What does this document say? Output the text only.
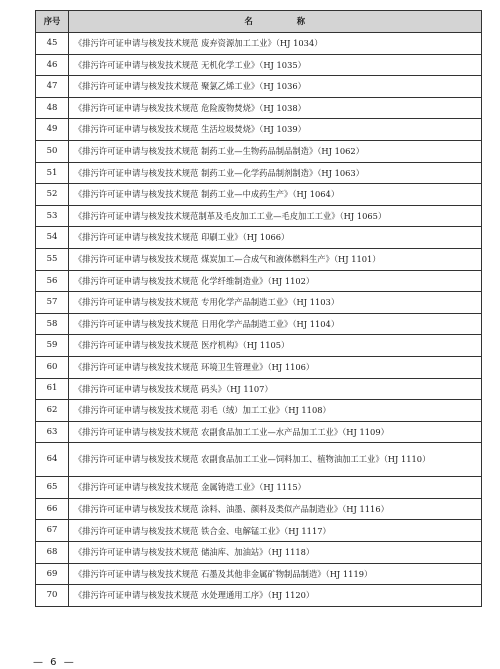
序号	名　　　　　称
45	《排污许可证申请与核发技术规范 废弃资源加工工业》（HJ 1034）
46	《排污许可证申请与核发技术规范 无机化学工业》（HJ 1035）
47	《排污许可证申请与核发技术规范 聚氯乙烯工业》（HJ 1036）
48	《排污许可证申请与核发技术规范 危险废物焚烧》（HJ 1038）
49	《排污许可证申请与核发技术规范 生活垃圾焚烧》（HJ 1039）
50	《排污许可证申请与核发技术规范 制药工业—生物药品制品制造》（HJ 1062）
51	《排污许可证申请与核发技术规范 制药工业—化学药品制剂制造》（HJ 1063）
52	《排污许可证申请与核发技术规范 制药工业—中成药生产》（HJ 1064）
53	《排污许可证申请与核发技术规范制革及毛皮加工工业—毛皮加工工业》（HJ 1065）
54	《排污许可证申请与核发技术规范 印刷工业》（HJ 1066）
55	《排污许可证申请与核发技术规范 煤炭加工—合成气和液体燃料生产》（HJ 1101）
56	《排污许可证申请与核发技术规范 化学纤维制造业》（HJ 1102）
57	《排污许可证申请与核发技术规范 专用化学产品制造工业》（HJ 1103）
58	《排污许可证申请与核发技术规范 日用化学产品制造工业》（HJ 1104）
59	《排污许可证申请与核发技术规范 医疗机构》（HJ 1105）
60	《排污许可证申请与核发技术规范 环境卫生管理业》（HJ 1106）
61	《排污许可证申请与核发技术规范 码头》（HJ 1107）
62	《排污许可证申请与核发技术规范 羽毛（绒）加工工业》（HJ 1108）
63	《排污许可证申请与核发技术规范 农副食品加工工业—水产品加工工业》（HJ 1109）
64	《排污许可证申请与核发技术规范 农副食品加工工业—饲料加工、植物油加工工业》（HJ 1110）
65	《排污许可证申请与核发技术规范 金属铸造工业》（HJ 1115）
66	《排污许可证申请与核发技术规范 涂料、油墨、颜料及类似产品制造业》（HJ 1116）
67	《排污许可证申请与核发技术规范 铁合金、电解锰工业》（HJ 1117）
68	《排污许可证申请与核发技术规范 储油库、加油站》（HJ 1118）
69	《排污许可证申请与核发技术规范 石墨及其他非金属矿物制品制造》（HJ 1119）
70	《排污许可证申请与核发技术规范 水处理通用工序》（HJ 1120）
— 6 —
